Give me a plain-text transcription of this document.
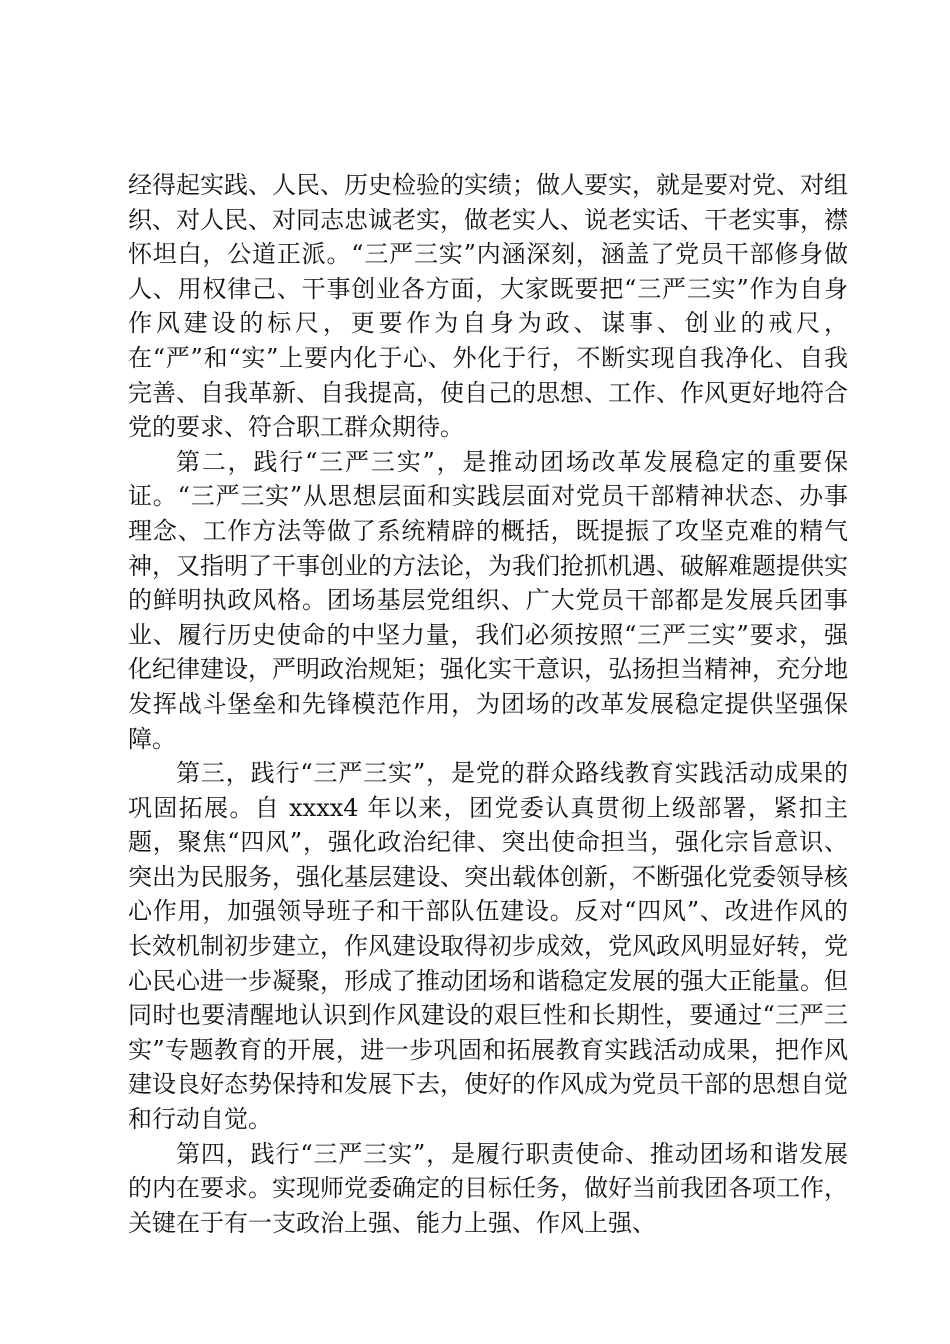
经得起实践、人民、历史检验的实绩；做人要实，就是要对党、对组织、对人民、对同志忠诚老实，做老实人、说老实话、干老实事，襟怀坦白，公道正派。“三严三实”内涵深刻，涵盖了党员干部修身做人、用权律己、干事创业各方面，大家既要把“三严三实”作为自身作风建设的标尺，更要作为自身为政、谋事、创业的戒尺，在“严”和“实”上要内化于心、外化于行，不断实现自我净化、自我完善、自我革新、自我提高，使自己的思想、工作、作风更好地符合党的要求、符合职工群众期待。

第二，践行“三严三实”，是推动团场改革发展稳定的重要保证。“三严三实”从思想层面和实践层面对党员干部精神状态、办事理念、工作方法等做了系统精辟的概括，既提振了攻坚克难的精气神，又指明了干事创业的方法论，为我们抢抓机遇、破解难题提供实的鲜明执政风格。团场基层党组织、广大党员干部都是发展兵团事业、履行历史使命的中坚力量，我们必须按照“三严三实”要求，强化纪律建设，严明政治规矩；强化实干意识，弘扬担当精神，充分地发挥战斗堡垒和先锋模范作用，为团场的改革发展稳定提供坚强保障。

第三，践行“三严三实”，是党的群众路线教育实践活动成果的巩固拓展。自 xxxx4 年以来，团党委认真贯彻上级部署，紧扣主题，聚焦“四风”，强化政治纪律、突出使命担当，强化宗旨意识、突出为民服务，强化基层建设、突出载体创新，不断强化党委领导核心作用，加强领导班子和干部队伍建设。反对“四风”、改进作风的长效机制初步建立，作风建设取得初步成效，党风政风明显好转，党心民心进一步凝聚，形成了推动团场和谐稳定发展的强大正能量。但同时也要清醒地认识到作风建设的艰巨性和长期性，要通过“三严三实”专题教育的开展，进一步巩固和拓展教育实践活动成果，把作风建设良好态势保持和发展下去，使好的作风成为党员干部的思想自觉和行动自觉。

第四，践行“三严三实”，是履行职责使命、推动团场和谐发展的内在要求。实现师党委确定的目标任务，做好当前我团各项工作，关键在于有一支政治上强、能力上强、作风上强、
